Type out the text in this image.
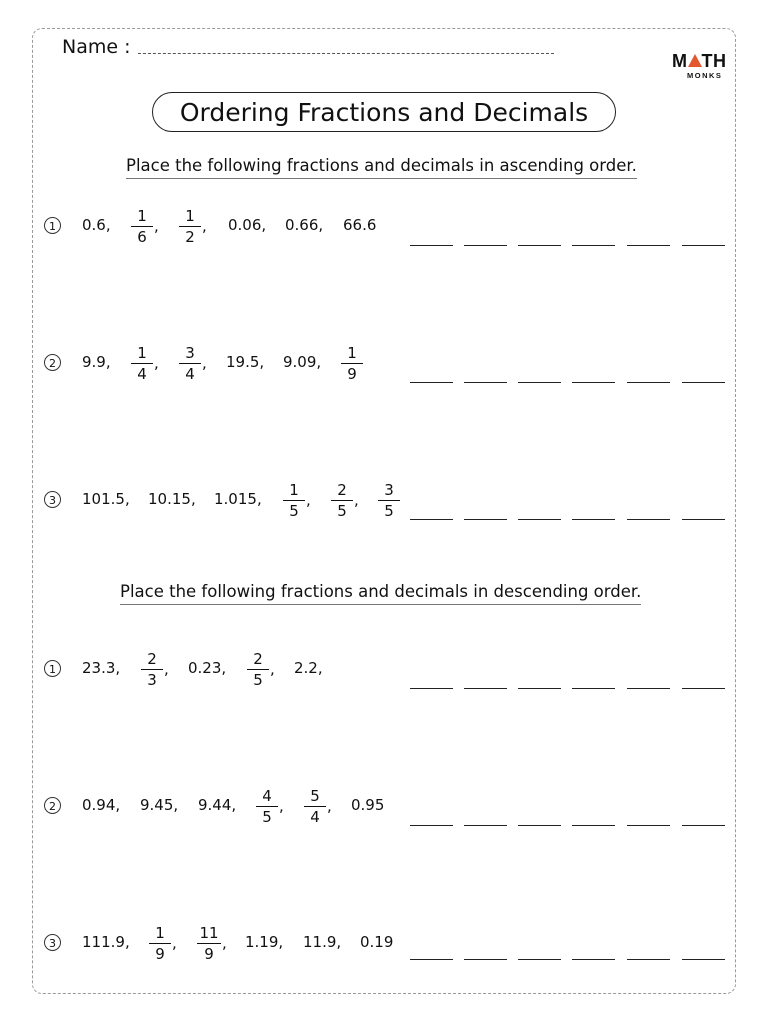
Name :
M TH
MONKS
Ordering Fractions and Decimals
Place the following fractions and decimals in ascending order.
1	0.6,	1
6
,
1
2
, 0.06, 0.66, 66.6
2	9.9,	1
4
,
3
4
, 19.5, 9.09,	1
9
3	101.5, 10.15, 1.015,	1
5
,
2
5
,
3
5
Place the following fractions and decimals in descending order.
1	23.3,	2
3
, 0.23,	2
5
, 2.2,
2	0.94, 9.45, 9.44,	4
5
,
5
4
, 0.95
3	111.9,	1
9
,
11
9
, 1.19, 11.9, 0.19
